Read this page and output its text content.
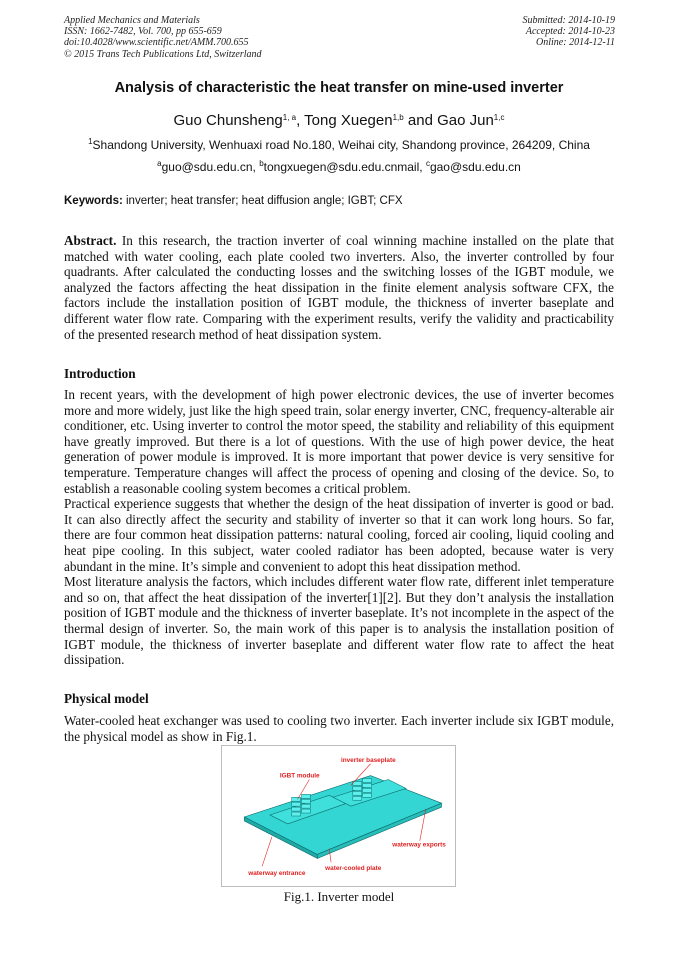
Applied Mechanics and Materials
ISSN: 1662-7482, Vol. 700, pp 655-659
doi:10.4028/www.scientific.net/AMM.700.655
© 2015 Trans Tech Publications Ltd, Switzerland
Submitted: 2014-10-19
Accepted: 2014-10-23
Online: 2014-12-11
Analysis of characteristic the heat transfer on mine-used inverter
Guo Chunsheng$^{1, a}$, Tong Xuegen$^{1,b}$ and Gao Jun$^{1,c}$
$^1$Shandong University, Wenhuaxi road No.180, Weihai city, Shandong province, 264209, China
$^a$guo@sdu.edu.cn, $^b$tongxuegen@sdu.edu.cnmail, $^c$gao@sdu.edu.cn
Keywords: inverter; heat transfer; heat diffusion angle; IGBT; CFX
Abstract. In this research, the traction inverter of coal winning machine installed on the plate that matched with water cooling, each plate cooled two inverters. Also, the inverter controlled by four quadrants. After calculated the conducting losses and the switching losses of the IGBT module, we analyzed the factors affecting the heat dissipation in the finite element analysis software CFX, the factors include the installation position of IGBT module, the thickness of inverter baseplate and different water flow rate. Comparing with the experiment results, verify the validity and practicability of the presented research method of heat dissipation system.
Introduction

In recent years, with the development of high power electronic devices, the use of inverter becomes more and more widely, just like the high speed train, solar energy inverter, CNC, frequency-alterable air conditioner, etc. Using inverter to control the motor speed, the stability and reliability of this equipment have greatly improved. But there is a lot of questions. With the use of high power device, the heat generation of power module is improved. It is more important that power device is very sensitive for temperature. Temperature changes will affect the process of opening and closing of the device. So, to establish a reasonable cooling system becomes a critical problem.

Practical experience suggests that whether the design of the heat dissipation of inverter is good or bad. It can also directly affect the security and stability of inverter so that it can work long hours. So far, there are four common heat dissipation patterns: natural cooling, forced air cooling, liquid cooling and heat pipe cooling. In this subject, water cooled radiator has been adopted, because water is very abundant in the mine. It’s simple and convenient to adopt this heat dissipation method.

Most literature analysis the factors, which includes different water flow rate, different inlet temperature and so on, that affect the heat dissipation of the inverter[1][2]. But they don’t analysis the installation position of IGBT module and the thickness of inverter baseplate. It’s not incomplete in the aspect of the thermal design of inverter. So, the main work of this paper is to analysis the installation position of IGBT module, the thickness of inverter baseplate and different water flow rate to affect the heat dissipation.

Physical model

Water-cooled heat exchanger was used to cooling two inverter. Each inverter include six IGBT module, the physical model as show in Fig.1.

inverter baseplate
IGBT module
waterway exports
water-cooled plate
waterway entrance
Fig.1. Inverter model
